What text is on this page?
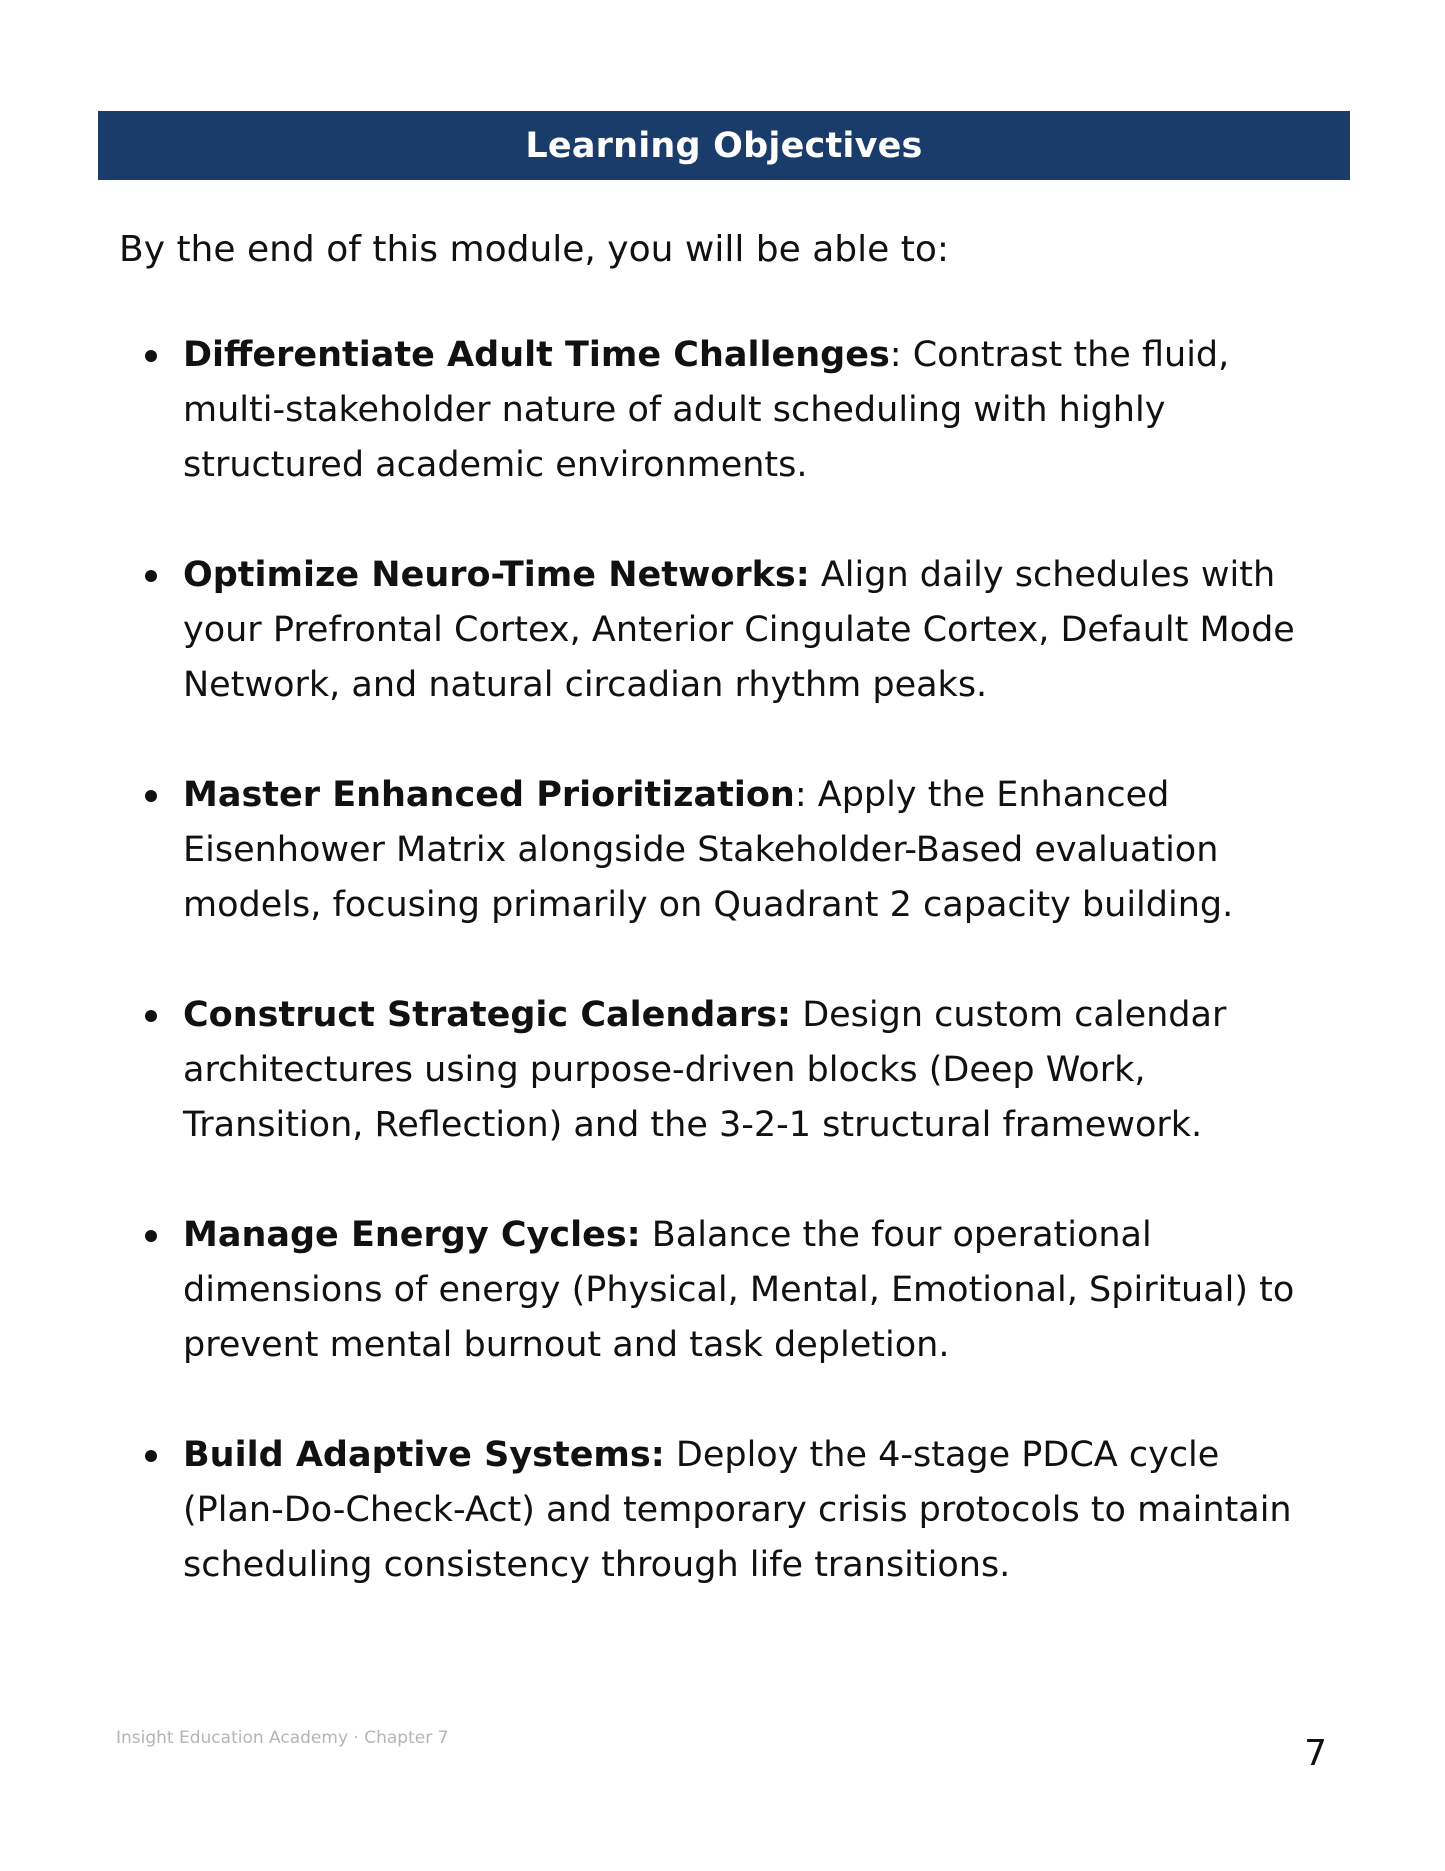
Learning Objectives
By the end of this module, you will be able to:
Differentiate Adult Time Challenges: Contrast the fluid, multi-stakeholder nature of adult scheduling with highly structured academic environments.
Optimize Neuro-Time Networks: Align daily schedules with your Prefrontal Cortex, Anterior Cingulate Cortex, Default Mode Network, and natural circadian rhythm peaks.
Master Enhanced Prioritization: Apply the Enhanced Eisenhower Matrix alongside Stakeholder-Based evaluation models, focusing primarily on Quadrant 2 capacity building.
Construct Strategic Calendars: Design custom calendar architectures using purpose-driven blocks (Deep Work, Transition, Reflection) and the 3-2-1 structural framework.
Manage Energy Cycles: Balance the four operational dimensions of energy (Physical, Mental, Emotional, Spiritual) to prevent mental burnout and task depletion.
Build Adaptive Systems: Deploy the 4-stage PDCA cycle (Plan-Do-Check-Act) and temporary crisis protocols to maintain scheduling consistency through life transitions.
Insight Education Academy · Chapter 7	7
